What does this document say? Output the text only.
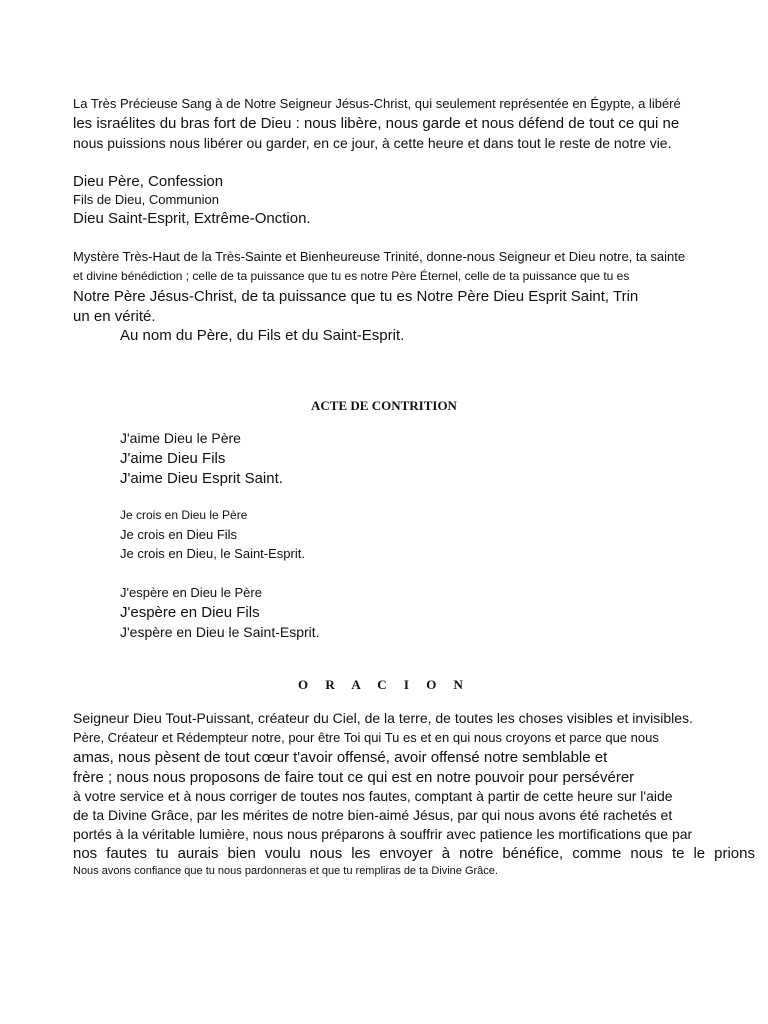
La Très Précieuse Sang à de Notre Seigneur Jésus-Christ, qui seulement représentée en Égypte, a libéré
les israélites du bras fort de Dieu : nous libère, nous garde et nous défend de tout ce qui ne
nous puissions nous libérer ou garder, en ce jour, à cette heure et dans tout le reste de notre vie.
Dieu Père, Confession
Fils de Dieu, Communion
Dieu Saint-Esprit, Extrême-Onction.
Mystère Très-Haut de la Très-Sainte et Bienheureuse Trinité, donne-nous Seigneur et Dieu notre, ta sainte
et divine bénédiction ; celle de ta puissance que tu es notre Père Éternel, celle de ta puissance que tu es
Notre Père Jésus-Christ, de ta puissance que tu es Notre Père Dieu Esprit Saint, Trin
un en vérité.
Au nom du Père, du Fils et du Saint-Esprit.
ACTE DE CONTRITION
J'aime Dieu le Père
J'aime Dieu Fils
J'aime Dieu Esprit Saint.
Je crois en Dieu le Père
Je crois en Dieu Fils
Je crois en Dieu, le Saint-Esprit.
J'espère en Dieu le Père
J'espère en Dieu Fils
J'espère en Dieu le Saint-Esprit.
O R A C I O N
Seigneur Dieu Tout-Puissant, créateur du Ciel, de la terre, de toutes les choses visibles et invisibles.
Père, Créateur et Rédempteur notre, pour être Toi qui Tu es et en qui nous croyons et parce que nous
amas, nous pèsent de tout cœur t'avoir offensé, avoir offensé notre semblable et
frère ; nous nous proposons de faire tout ce qui est en notre pouvoir pour persévérer
à votre service et à nous corriger de toutes nos fautes, comptant à partir de cette heure sur l'aide
de ta Divine Grâce, par les mérites de notre bien-aimé Jésus, par qui nous avons été rachetés et
portés à la véritable lumière, nous nous préparons à souffrir avec patience les mortifications que par
nos fautes tu aurais bien voulu nous les envoyer à notre bénéfice, comme nous te le prions
Nous avons confiance que tu nous pardonneras et que tu rempliras de ta Divine Grâce.
